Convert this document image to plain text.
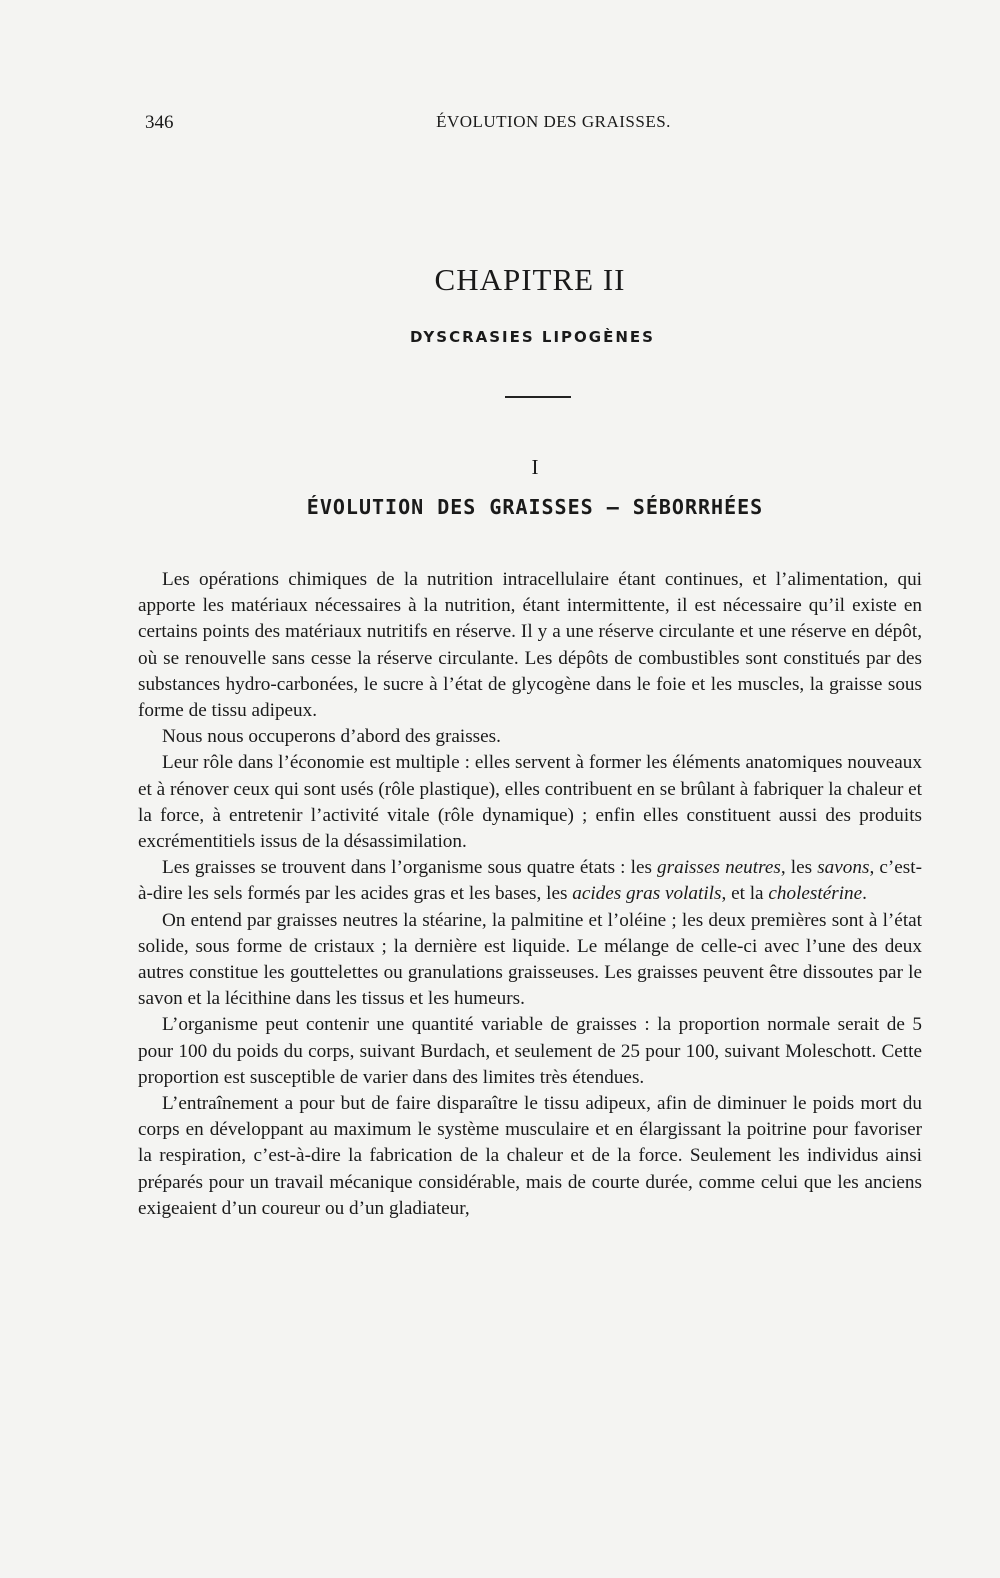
346	ÉVOLUTION DES GRAISSES.
CHAPITRE II
DYSCRASIES LIPOGÈNES
I
ÉVOLUTION DES GRAISSES — SÉBORRHÉES

Les opérations chimiques de la nutrition intracellulaire étant continues, et l’alimentation, qui apporte les matériaux nécessaires à la nutrition, étant intermittente, il est nécessaire qu’il existe en certains points des matériaux nutritifs en réserve. Il y a une réserve circulante et une réserve en dépôt, où se renouvelle sans cesse la réserve circulante. Les dépôts de combustibles sont constitués par des substances hydro-carbonées, le sucre à l’état de glycogène dans le foie et les muscles, la graisse sous forme de tissu adipeux.

Nous nous occuperons d’abord des graisses.

Leur rôle dans l’économie est multiple : elles servent à former les éléments anatomiques nouveaux et à rénover ceux qui sont usés (rôle plastique), elles contribuent en se brûlant à fabriquer la chaleur et la force, à entretenir l’activité vitale (rôle dynamique) ; enfin elles constituent aussi des produits excrémentitiels issus de la désassimilation.

Les graisses se trouvent dans l’organisme sous quatre états : les graisses neutres, les savons, c’est-à-dire les sels formés par les acides gras et les bases, les acides gras volatils, et la cholestérine.

On entend par graisses neutres la stéarine, la palmitine et l’oléine ; les deux premières sont à l’état solide, sous forme de cristaux ; la dernière est liquide. Le mélange de celle-ci avec l’une des deux autres constitue les gouttelettes ou granulations graisseuses. Les graisses peuvent être dissoutes par le savon et la lécithine dans les tissus et les humeurs.

L’organisme peut contenir une quantité variable de graisses : la proportion normale serait de 5 pour 100 du poids du corps, suivant Burdach, et seulement de 25 pour 100, suivant Moleschott. Cette proportion est susceptible de varier dans des limites très étendues.

L’entraînement a pour but de faire disparaître le tissu adipeux, afin de diminuer le poids mort du corps en développant au maximum le système musculaire et en élargissant la poitrine pour favoriser la respiration, c’est-à-dire la fabrication de la chaleur et de la force. Seulement les individus ainsi préparés pour un travail mécanique considérable, mais de courte durée, comme celui que les anciens exigeaient d’un coureur ou d’un gladiateur,
